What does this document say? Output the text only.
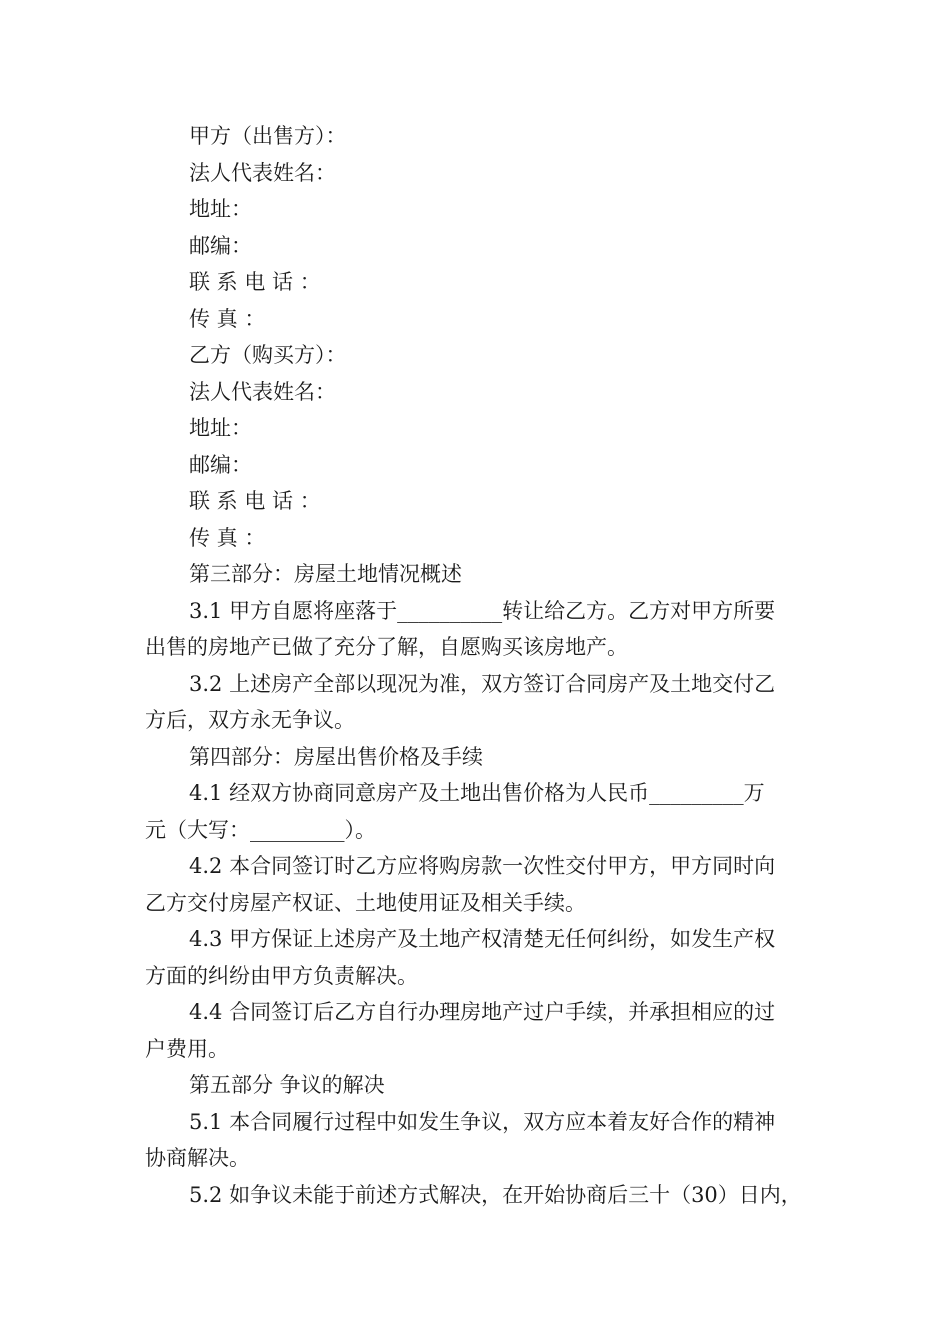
甲方（出售方）：
法人代表姓名：
地址：
邮编：
联 系 电 话 ：
传 真 ：
乙方（购买方）：
法人代表姓名：
地址：
邮编：
联 系 电 话 ：
传 真 ：
第三部分：房屋土地情况概述
3.1 甲方自愿将座落于__________转让给乙方。乙方对甲方所要
出售的房地产已做了充分了解，自愿购买该房地产。
3.2 上述房产全部以现况为准，双方签订合同房产及土地交付乙
方后，双方永无争议。
第四部分：房屋出售价格及手续
4.1 经双方协商同意房产及土地出售价格为人民币_________万
元（大写：_________）。
4.2 本合同签订时乙方应将购房款一次性交付甲方，甲方同时向
乙方交付房屋产权证、土地使用证及相关手续。
4.3 甲方保证上述房产及土地产权清楚无任何纠纷，如发生产权
方面的纠纷由甲方负责解决。
4.4 合同签订后乙方自行办理房地产过户手续，并承担相应的过
户费用。
第五部分 争议的解决
5.1 本合同履行过程中如发生争议，双方应本着友好合作的精神
协商解决。
5.2 如争议未能于前述方式解决，在开始协商后三十（30）日内，
